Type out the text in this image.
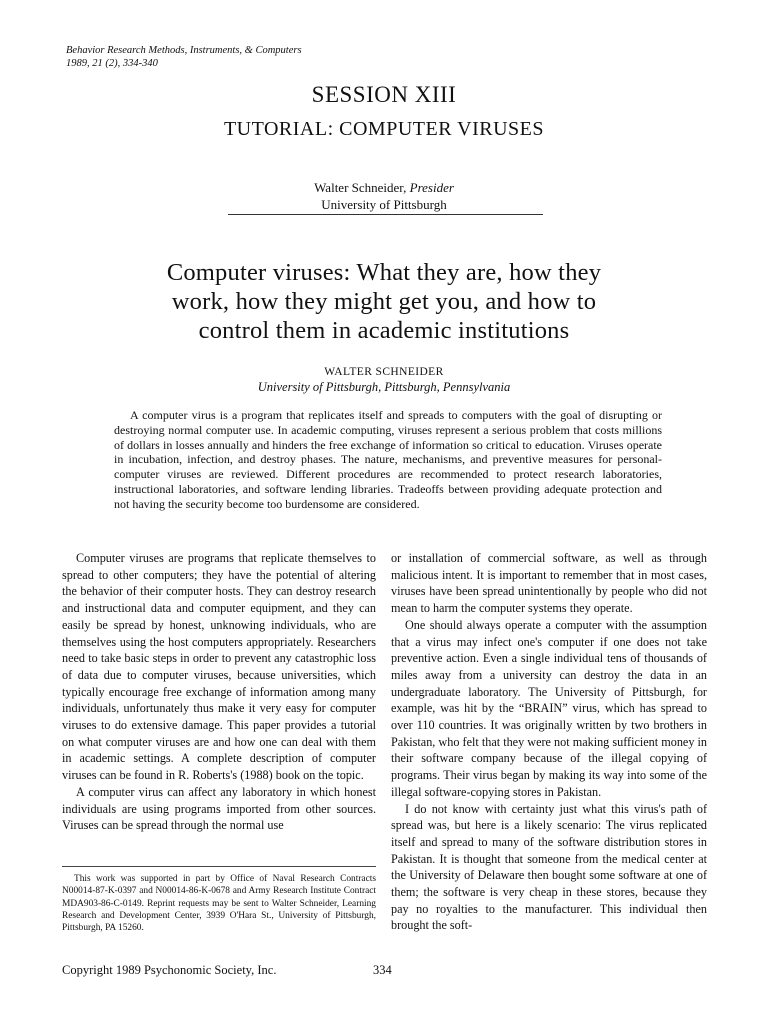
Behavior Research Methods, Instruments, & Computers
1989, 21 (2), 334-340
SESSION XIII
TUTORIAL: COMPUTER VIRUSES
Walter Schneider, Presider
University of Pittsburgh
Computer viruses: What they are, how they
work, how they might get you, and how to
control them in academic institutions
WALTER SCHNEIDER
University of Pittsburgh, Pittsburgh, Pennsylvania

A computer virus is a program that replicates itself and spreads to computers with the goal of disrupting or destroying normal computer use. In academic computing, viruses represent a serious problem that costs millions of dollars in losses annually and hinders the free exchange of information so critical to education. Viruses operate in incubation, infection, and destroy phases. The nature, mechanisms, and preventive measures for personal-computer viruses are reviewed. Different procedures are recommended to protect research laboratories, instructional laboratories, and software lending libraries. Tradeoffs between providing adequate protection and not having the security become too burdensome are considered.

Computer viruses are programs that replicate themselves to spread to other computers; they have the potential of altering the behavior of their computer hosts. They can destroy research and instructional data and computer equipment, and they can easily be spread by honest, unknowing individuals, who are themselves using the host computers appropriately. Researchers need to take basic steps in order to prevent any catastrophic loss of data due to computer viruses, because universities, which typically encourage free exchange of information among many individuals, unfortunately thus make it very easy for computer viruses to do extensive damage. This paper provides a tutorial on what computer viruses are and how one can deal with them in academic settings. A complete description of computer viruses can be found in R. Roberts's (1988) book on the topic.

A computer virus can affect any laboratory in which honest individuals are using programs imported from other sources. Viruses can be spread through the normal use

or installation of commercial software, as well as through malicious intent. It is important to remember that in most cases, viruses have been spread unintentionally by people who did not mean to harm the computer systems they operate.

One should always operate a computer with the assumption that a virus may infect one's computer if one does not take preventive action. Even a single individual tens of thousands of miles away from a university can destroy the data in an undergraduate laboratory. The University of Pittsburgh, for example, was hit by the “BRAIN” virus, which has spread to over 110 countries. It was originally written by two brothers in Pakistan, who felt that they were not making sufficient money in their software company because of the illegal copying of programs. Their virus began by making its way into some of the illegal software-copying stores in Pakistan.

I do not know with certainty just what this virus's path of spread was, but here is a likely scenario: The virus replicated itself and spread to many of the software distribution stores in Pakistan. It is thought that someone from the medical center at the University of Delaware then bought some software at one of them; the software is very cheap in these stores, because they pay no royalties to the manufacturer. This individual then brought the soft-

This work was supported in part by Office of Naval Research Contracts N00014-87-K-0397 and N00014-86-K-0678 and Army Research Institute Contract MDA903-86-C-0149. Reprint requests may be sent to Walter Schneider, Learning Research and Development Center, 3939 O'Hara St., University of Pittsburgh, Pittsburgh, PA 15260.

Copyright 1989 Psychonomic Society, Inc.	334
